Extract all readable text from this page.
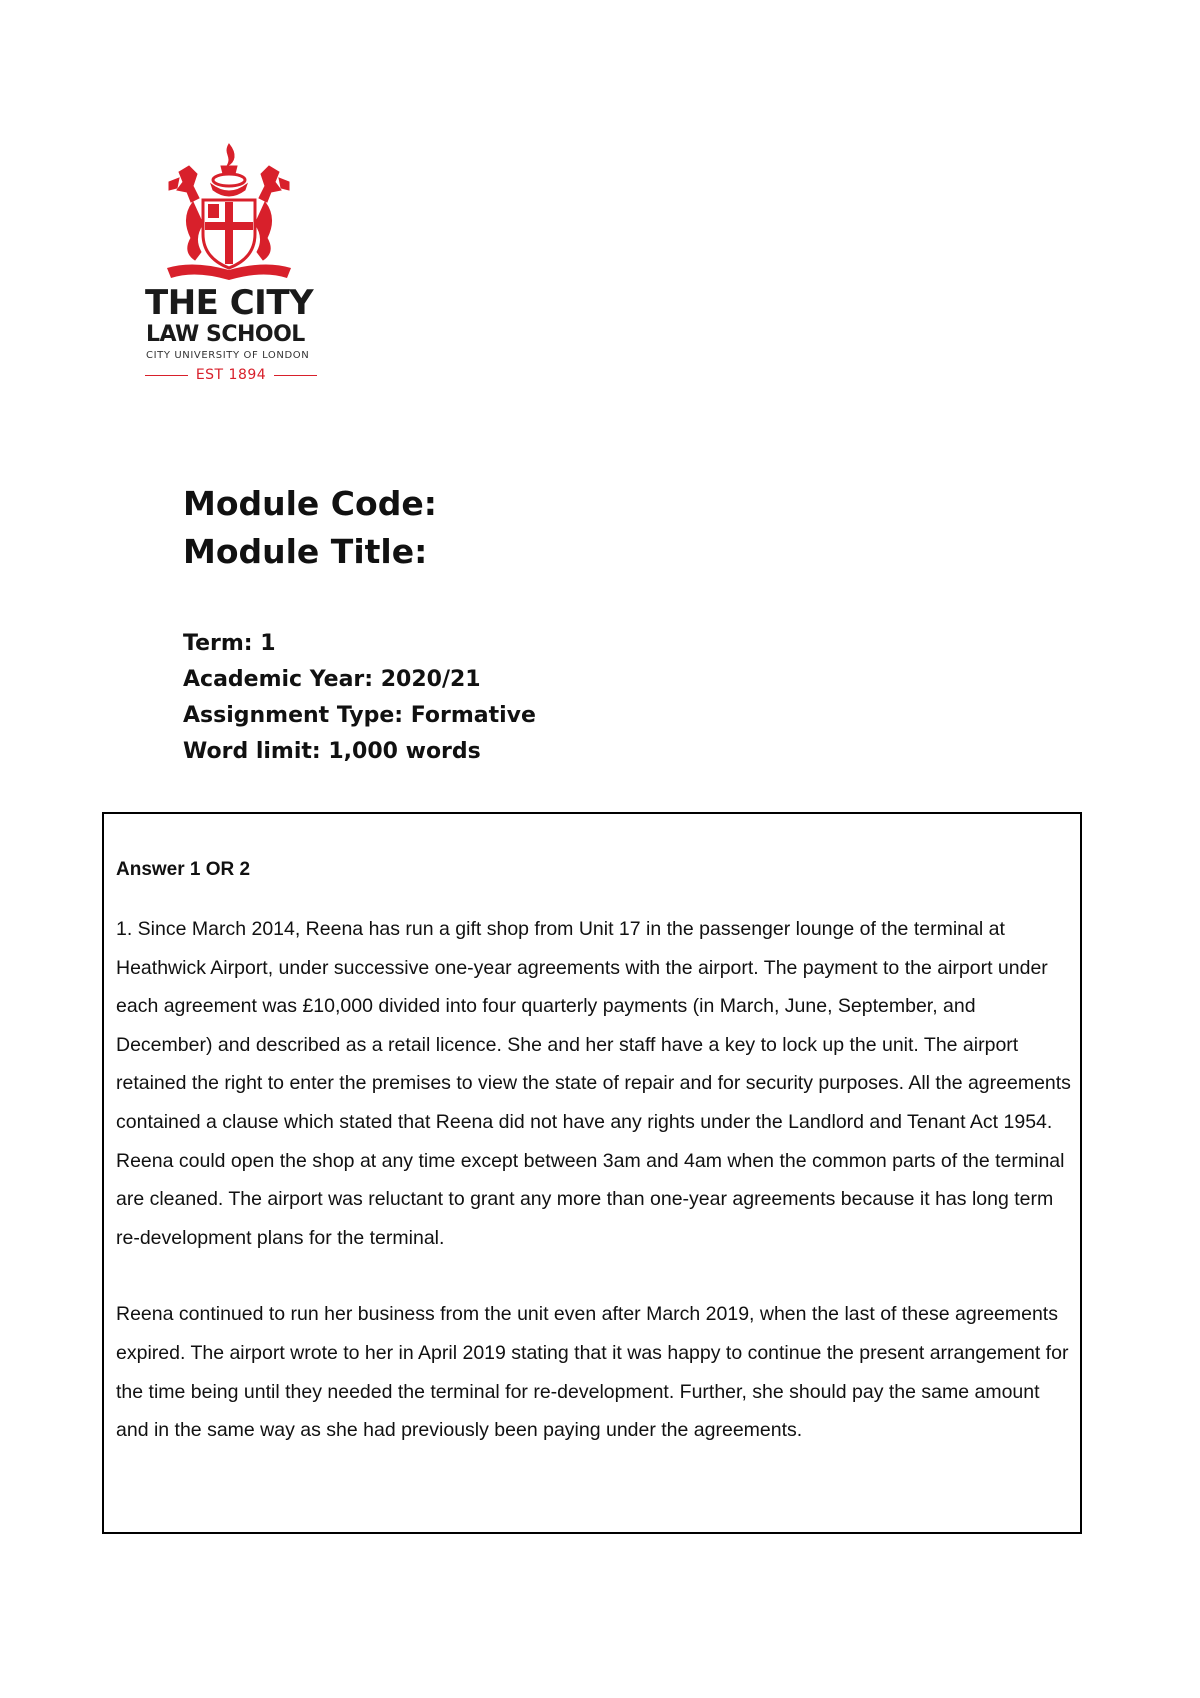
THE CITY
LAW SCHOOL
CITY UNIVERSITY OF LONDON
EST 1894
Module Code:
Module Title:
Term: 1
Academic Year: 2020/21
Assignment Type: Formative
Word limit: 1,000 words

Answer 1 OR 2

1. Since March 2014, Reena has run a gift shop from Unit 17 in the passenger lounge of the terminal at Heathwick Airport, under successive one-year agreements with the airport. The payment to the airport under each agreement was £10,000 divided into four quarterly payments (in March, June, September, and December) and described as a retail licence. She and her staff have a key to lock up the unit. The airport retained the right to enter the premises to view the state of repair and for security purposes. All the agreements contained a clause which stated that Reena did not have any rights under the Landlord and Tenant Act 1954. Reena could open the shop at any time except between 3am and 4am when the common parts of the terminal are cleaned. The airport was reluctant to grant any more than one-year agreements because it has long term re-development plans for the terminal.

Reena continued to run her business from the unit even after March 2019, when the last of these agreements expired. The airport wrote to her in April 2019 stating that it was happy to continue the present arrangement for the time being until they needed the terminal for re-development. Further, she should pay the same amount and in the same way as she had previously been paying under the agreements.
